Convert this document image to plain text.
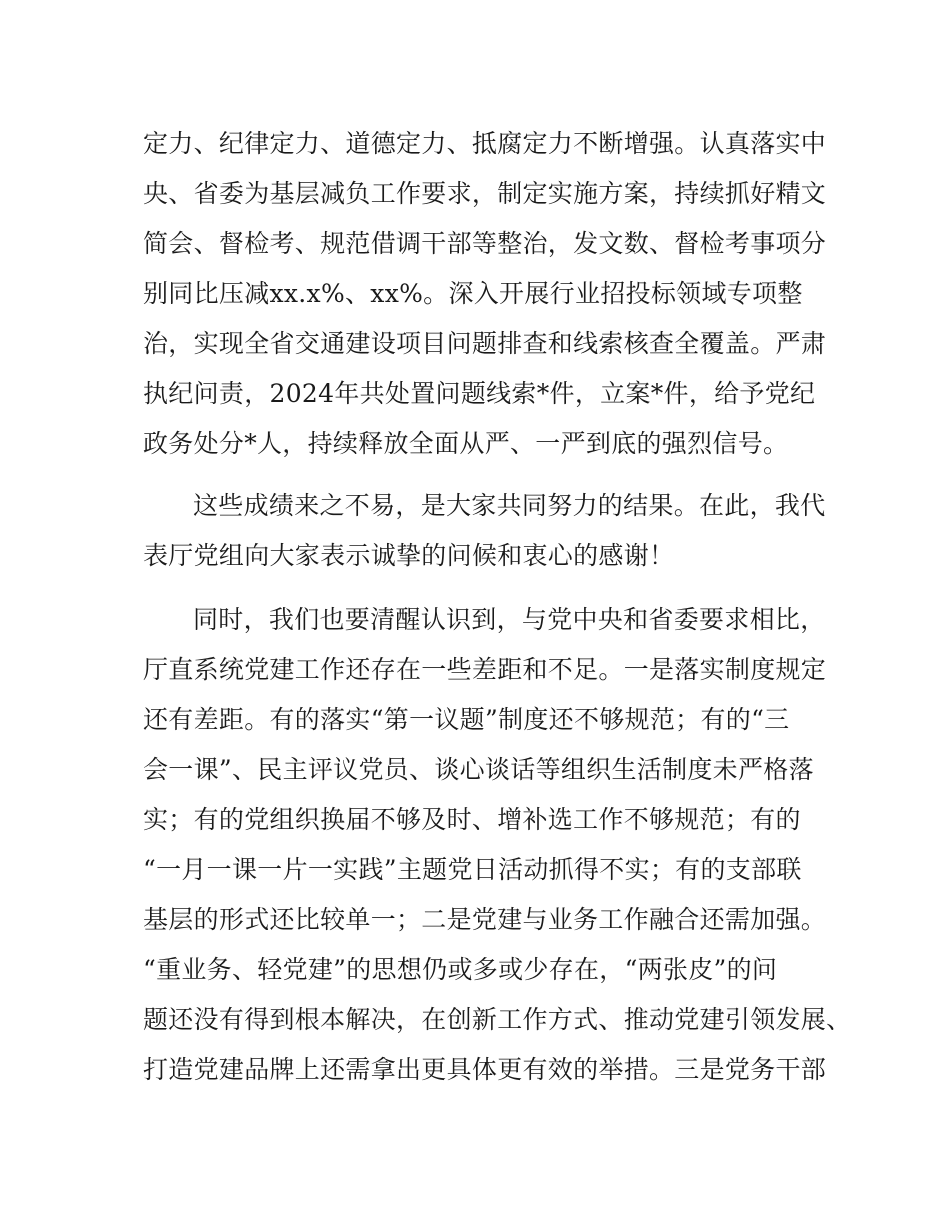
定力、纪律定力、道德定力、抵腐定力不断增强。认真落实中

央、省委为基层减负工作要求，制定实施方案，持续抓好精文

简会、督检考、规范借调干部等整治，发文数、督检考事项分

别同比压减xx.x%、xx%。深入开展行业招投标领域专项整

治，实现全省交通建设项目问题排查和线索核查全覆盖。严肃

执纪问责，2024年共处置问题线索*件，立案*件，给予党纪

政务处分*人，持续释放全面从严、一严到底的强烈信号。

这些成绩来之不易，是大家共同努力的结果。在此，我代

表厅党组向大家表示诚挚的问候和衷心的感谢！

同时，我们也要清醒认识到，与党中央和省委要求相比，

厅直系统党建工作还存在一些差距和不足。一是落实制度规定

还有差距。有的落实“第一议题”制度还不够规范；有的“三

会一课”、民主评议党员、谈心谈话等组织生活制度未严格落

实；有的党组织换届不够及时、增补选工作不够规范；有的

“一月一课一片一实践”主题党日活动抓得不实；有的支部联

基层的形式还比较单一；二是党建与业务工作融合还需加强。

“重业务、轻党建”的思想仍或多或少存在，“两张皮”的问

题还没有得到根本解决，在创新工作方式、推动党建引领发展、

打造党建品牌上还需拿出更具体更有效的举措。三是党务干部
